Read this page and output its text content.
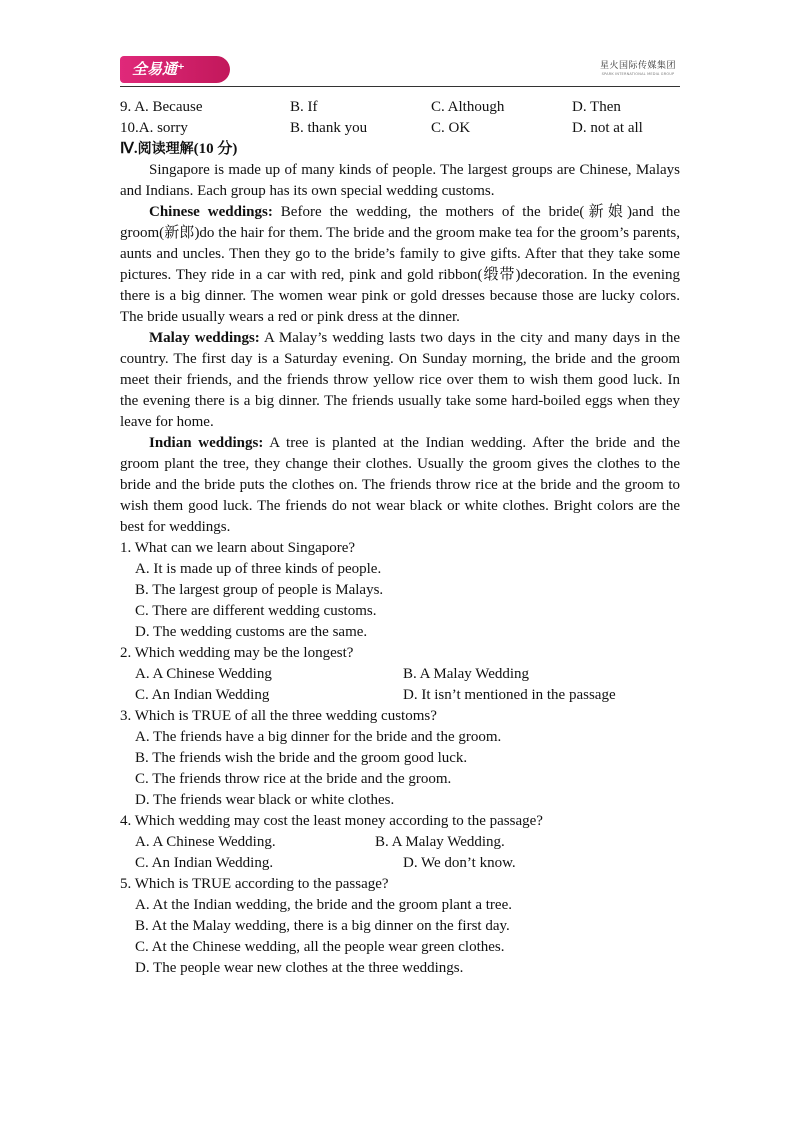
全易通⁺	星火国际传媒集团
SPARK INTERNATIONAL MEDIA GROUP
9. A. Because	B. If	C. Although	D. Then
10.A. sorry	B. thank you	C. OK	D. not at all
Ⅳ.阅读理解(10 分)

Singapore is made up of many kinds of people. The largest groups are Chinese, Malays and Indians. Each group has its own special wedding customs.

Chinese weddings: Before the wedding, the mothers of the bride(新娘)and the groom(新郎)do the hair for them. The bride and the groom make tea for the groom’s parents, aunts and uncles. Then they go to the bride’s family to give gifts. After that they take some pictures. They ride in a car with red, pink and gold ribbon(缎带)decoration. In the evening there is a big dinner. The women wear pink or gold dresses because those are lucky colors. The bride usually wears a red or pink dress at the dinner.

Malay weddings: A Malay’s wedding lasts two days in the city and many days in the country. The first day is a Saturday evening. On Sunday morning, the bride and the groom meet their friends, and the friends throw yellow rice over them to wish them good luck. In the evening there is a big dinner. The friends usually take some hard-boiled eggs when they leave for home.

Indian weddings: A tree is planted at the Indian wedding. After the bride and the groom plant the tree, they change their clothes. Usually the groom gives the clothes to the bride and the bride puts the clothes on. The friends throw rice at the bride and the groom to wish them good luck. The friends do not wear black or white clothes. Bright colors are the best for weddings.

1. What can we learn about Singapore?

A. It is made up of three kinds of people.

B. The largest group of people is Malays.

C. There are different wedding customs.

D. The wedding customs are the same.

2. Which wedding may be the longest?

A. A Chinese Wedding	B. A Malay Wedding
C. An Indian Wedding	D. It isn’t mentioned in the passage

3. Which is TRUE of all the three wedding customs?

A. The friends have a big dinner for the bride and the groom.

B. The friends wish the bride and the groom good luck.

C. The friends throw rice at the bride and the groom.

D. The friends wear black or white clothes.

4. Which wedding may cost the least money according to the passage?

A. A Chinese Wedding.	B. A Malay Wedding.
C. An Indian Wedding.	D. We don’t know.

5. Which is TRUE according to the passage?

A. At the Indian wedding, the bride and the groom plant a tree.

B. At the Malay wedding, there is a big dinner on the first day.

C. At the Chinese wedding, all the people wear green clothes.

D. The people wear new clothes at the three weddings.
